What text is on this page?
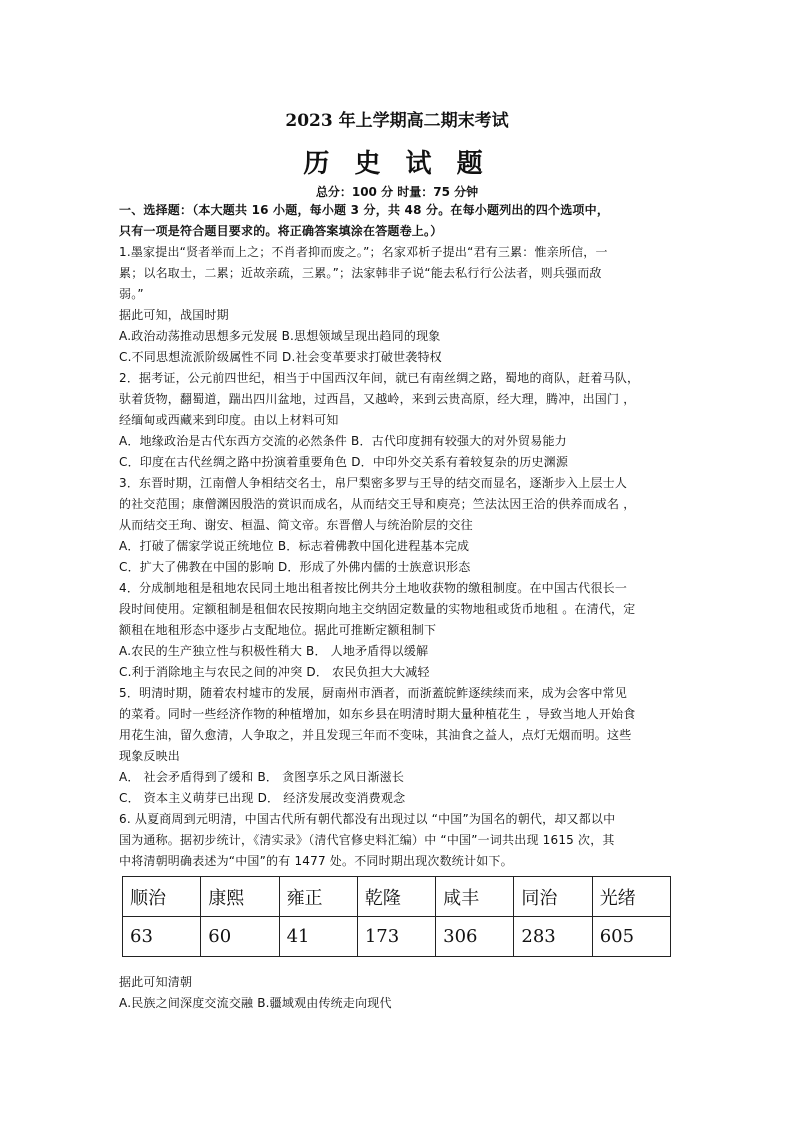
2023 年上学期高二期末考试
历 史 试 题
总分：100 分 时量：75 分钟
一、选择题：（本大题共 16 小题，每小题 3 分，共 48 分。在每小题列出的四个选项中，
只有一项是符合题目要求的。将正确答案填涂在答题卷上。）
1.墨家提出“贤者举而上之；不肖者抑而废之。”；名家邓析子提出“君有三累：惟亲所信，一
累；以名取士，二累；近故亲疏，三累。”；法家韩非子说“能去私行行公法者，则兵强而敌
弱。”
据此可知，战国时期
A.政治动荡推动思想多元发展 B.思想领域呈现出趋同的现象
C.不同思想流派阶级属性不同 D.社会变革要求打破世袭特权
2．据考证，公元前四世纪，相当于中国西汉年间，就已有南丝绸之路，蜀地的商队，赶着马队，
驮着货物，翻蜀道，踹出四川盆地，过西昌，又越岭，来到云贵高原，经大理，腾冲，出国门 ，
经缅甸或西藏来到印度。由以上材料可知
A．地缘政治是古代东西方交流的必然条件 B．古代印度拥有较强大的对外贸易能力
C．印度在古代丝绸之路中扮演着重要角色 D．中印外交关系有着较复杂的历史渊源
3．东晋时期，江南僧人争相结交名士，帛尸梨密多罗与王导的结交而显名，逐渐步入上层士人
的社交范围；康僧渊因殷浩的赏识而成名，从而结交王导和庾亮；竺法汰因王洽的供养而成名 ，
从而结交王珣、谢安、桓温、简文帝。东晋僧人与统治阶层的交往
A．打破了儒家学说正统地位 B．标志着佛教中国化进程基本完成
C．扩大了佛教在中国的影响 D．形成了外佛内儒的士族意识形态
4．分成制地租是租地农民同土地出租者按比例共分土地收获物的缴租制度。在中国古代很长一
段时间使用。定额租制是租佃农民按期向地主交纳固定数量的实物地租或货币地租 。在清代，定
额租在地租形态中逐步占支配地位。据此可推断定额租制下
A.农民的生产独立性与积极性稍大 B． 人地矛盾得以缓解
C.利于消除地主与农民之间的冲突 D． 农民负担大大减轻
5．明清时期，随着农村墟市的发展，厨南州市酒者，而浙蓋皖鲊逐续续而来，成为会客中常见
的菜肴。同时一些经济作物的种植增加，如东乡县在明清时期大量种植花生 ，导致当地人开始食
用花生油，留久愈清，人争取之，并且发现三年而不变味，其油食之益人，点灯无烟而明。这些
现象反映出
A． 社会矛盾得到了缓和 B． 贪图享乐之风日渐滋长
C． 资本主义萌芽已出现 D． 经济发展改变消费观念
6. 从夏商周到元明清，中国古代所有朝代都没有出现过以 “中国”为国名的朝代，却又都以中
国为通称。据初步统计，《清实录》（清代官修史料汇编）中 “中国”一词共出现 1615 次，其
中将清朝明确表述为“中国”的有 1477 处。不同时期出现次数统计如下。
顺治	康熙	雍正	乾隆	咸丰	同治	光绪
63	60	41	173	306	283	605
据此可知清朝
A.民族之间深度交流交融 B.疆域观由传统走向现代
